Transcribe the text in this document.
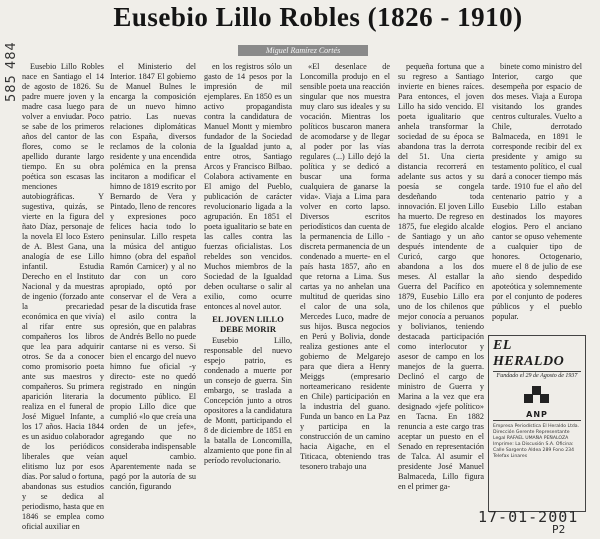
585 484
Eusebio Lillo Robles (1826 - 1910)
Miguel Ramírez Cortés

Eusebio Lillo Robles nace en Santiago el 14 de agosto de 1826. Su padre muere joven y la madre casa luego para volver a enviudar. Poco se sabe de los primeros años del cantor de las flores, como se le apellido durante largo tiempo. En su obra poética son escasas las menciones autobiográficas. Y sugestiva, quizás, se vierte en la figura del ñato Díaz, personaje de la novela El loco Estero de A. Blest Gana, una analogía de ese Lillo infantil. Estudia Derecho en el Instituto Nacional y da muestras de ingenio (forzado ante la precariedad económica en que vivía) al rifar entre sus compañeros los libros que lea para adquirir otros. Se da a conocer como promisorio poeta ante sus maestros y compañeros. Su primera aparición literaria la realiza en el funeral de José Miguel Infante, a los 17 años. Hacia 1844 es un asiduo colaborador de los periódicos liberales que veían elitismo luz por esos días. Por salud o fortuna, abandonas sus estudios y se dedica al periodismo, hasta que en 1846 se emplea como oficial auxiliar en

el Ministerio del Interior. 1847 El gobierno de Manuel Bulnes le encarga la composición de un nuevo himno patrio. Las nuevas relaciones diplomáticas con España, diversos reclamos de la colonia residente y una encendida polémica en la prensa incitaron a modificar el himno de 1819 escrito por Bernardo de Vera y Pintado, lleno de rencores y expresiones poco felices hacia todo lo peninsular. Lillo respeta la música del antiguo himno (obra del español Ramón Carnicer) y al no dar con un coro apropiado, optó por conservar el de Vera a pesar de la discutida frase el asilo contra la opresión, que en palabras de Andrés Bello no puede cantarse ni es verso. Si bien el encargo del nuevo himno fue oficial -y directo- este no quedó registrado en ningún documento público. El propio Lillo dice que cumplió «lo que creía una orden de un jefe», agregando que no consideraba indispensable aquel cambio. Aparentemente nada se pagó por la autoría de su canción, figurando

en los registros sólo un gasto de 14 pesos por la impresión de mil ejemplares. En 1850 es un activo propagandista contra la candidatura de Manuel Montt y miembro fundador de la Sociedad de la Igualdad junto a, entre otros, Santiago Arcos y Francisco Bilbao. Colabora activamente en El amigo del Pueblo, publicación de carácter revolucionario ligada a la agrupación. En 1851 el poeta igualitario se bate en las calles contra las fuerzas oficialistas. Los rebeldes son vencidos. Muchos miembros de la Sociedad de la Igualdad deben ocultarse o salir al exilio, como ocurre entonces al novel autor.

EL JOVEN LILLO DEBE MORIR

Eusebio Lillo, responsable del nuevo espejo patrio, es condenado a muerte por un consejo de guerra. Sin embargo, se traslada a Concepción junto a otros opositores a la candidatura de Montt, participando el 8 de diciembre de 1851 en la batalla de Loncomilla, alzamiento que pone fin al período revolucionario.

«El desenlace de Loncomilla produjo en el sensible poeta una reacción singular que nos muestra muy claro sus ideales y su vocación. Mientras los políticos buscaron manera de acomodarse y de llegar al poder por las vías regulares (...) Lillo dejó la política y se dedicó a buscar una forma cualquiera de ganarse la vida». Viaja a Lima para volver en corto lapso. Diversos escritos periodísticos dan cuenta de la permanencia de Lillo -discreta permanencia de un condenado a muerte- en el país hasta 1857, año en que retorna a Lima. Sus cartas ya no anhelan una multitud de queridas sino el calor de una sola, Mercedes Luco, madre de sus hijos. Busca negocios en Perú y Bolivia, donde realiza gestiones ante el gobierno de Melgarejo para que diera a Henry Meiggs (empresario norteamericano residente en Chile) participación en la industria del guano. Funda un banco en La Paz y participa en la construcción de un camino hacia Aigache, en el Titicaca, obteniendo tras tesonero trabajo una

pequeña fortuna que a su regreso a Santiago invierte en bienes raíces. Para entonces, el joven Lillo ha sido vencido. El poeta igualitario que anhela transformar la sociedad de su época se abandona tras la derrota del 51. Una cierta distancia recorrerá en adelante sus actos y su poesía se congela desdeñando toda innovación. El joven Lillo ha muerto. De regreso en 1875, fue elegido alcalde de Santiago y un año después intendente de Curicó, cargo que abandona a los dos meses. Al estallar la Guerra del Pacífico en 1879, Eusebio Lillo era uno de los chilenos que mejor conocía a peruanos y bolivianos, teniendo destacada participación como interlocutor y asesor de campo en los manejos de la guerra. Declinó el cargo de ministro de Guerra y Marina a la vez que era designado «jefe político» en Tacna. En 1882 renuncia a este cargo tras aceptar un puesto en el Senado en representación de Talca. Al asumir el presidente José Manuel Balmaceda, Lillo figura en el primer ga-

binete como ministro del Interior, cargo que desempeña por espacio de dos meses. Viaja a Europa visitando los grandes centros culturales. Vuelto a Chile, derrotado Balmaceda, en 1891 le corresponde recibir del ex presidente y amigo su testamento político, el cual dará a conocer tiempo más tarde. 1910 fue el año del centenario patrio y a Eusebio Lillo estaban destinados los mayores elogios. Pero el anciano cantor se opuso vehemente a cualquier tipo de honores. Octogenario, muere el 8 de julio de ese año siendo despedido apoteótica y solemnemente por el conjunto de poderes públicos y el pueblo popular.

EL HERALDO
Fundado el 29 de Agosto de 1937
ANP
Empresa Periodística El Heraldo Ltda. Dirección Gerente Representante Legal RAFAEL UMAÑA PEÑALOZA Imprime: La Discusión S.A. Oficina: Calle Sargento Aldea 289 Fono 234 Telefax Linares
17-01-2001
P2
